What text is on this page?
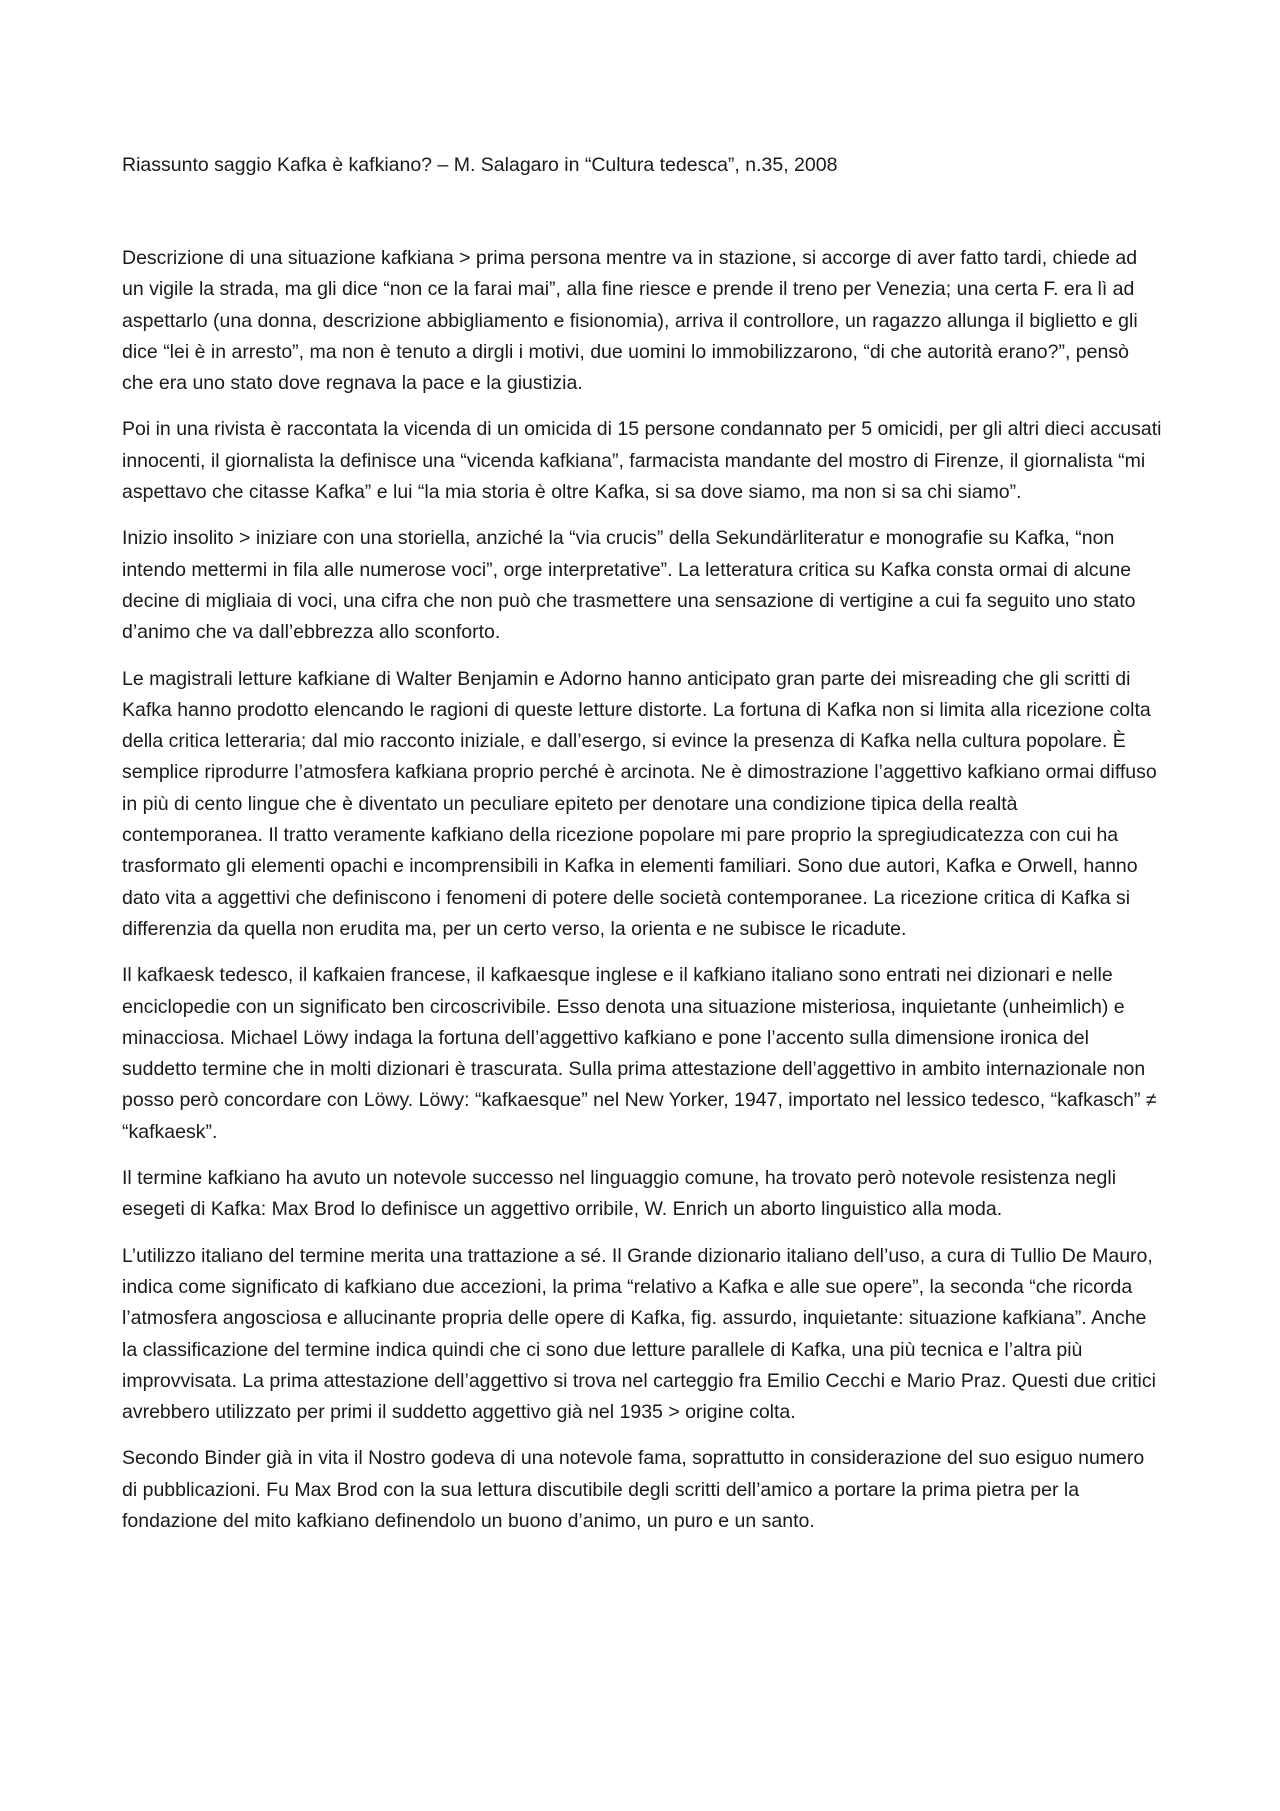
Riassunto saggio Kafka è kafkiano? – M. Salagaro in “Cultura tedesca”, n.35, 2008

Descrizione di una situazione kafkiana > prima persona mentre va in stazione, si accorge di aver fatto tardi, chiede ad un vigile la strada, ma gli dice “non ce la farai mai”, alla fine riesce e prende il treno per Venezia; una certa F. era lì ad aspettarlo (una donna, descrizione abbigliamento e fisionomia), arriva il controllore, un ragazzo allunga il biglietto e gli dice “lei è in arresto”, ma non è tenuto a dirgli i motivi, due uomini lo immobilizzarono, “di che autorità erano?”, pensò che era uno stato dove regnava la pace e la giustizia.

Poi in una rivista è raccontata la vicenda di un omicida di 15 persone condannato per 5 omicidi, per gli altri dieci accusati innocenti, il giornalista la definisce una “vicenda kafkiana”, farmacista mandante del mostro di Firenze, il giornalista “mi aspettavo che citasse Kafka” e lui “la mia storia è oltre Kafka, si sa dove siamo, ma non si sa chi siamo”.

Inizio insolito > iniziare con una storiella, anziché la “via crucis” della Sekundärliteratur e monografie su Kafka, “non intendo mettermi in fila alle numerose voci”, orge interpretative”. La letteratura critica su Kafka consta ormai di alcune decine di migliaia di voci, una cifra che non può che trasmettere una sensazione di vertigine a cui fa seguito uno stato d’animo che va dall’ebbrezza allo sconforto.

Le magistrali letture kafkiane di Walter Benjamin e Adorno hanno anticipato gran parte dei misreading che gli scritti di Kafka hanno prodotto elencando le ragioni di queste letture distorte. La fortuna di Kafka non si limita alla ricezione colta della critica letteraria; dal mio racconto iniziale, e dall’esergo, si evince la presenza di Kafka nella cultura popolare. È semplice riprodurre l’atmosfera kafkiana proprio perché è arcinota. Ne è dimostrazione l’aggettivo kafkiano ormai diffuso in più di cento lingue che è diventato un peculiare epiteto per denotare una condizione tipica della realtà contemporanea. Il tratto veramente kafkiano della ricezione popolare mi pare proprio la spregiudicatezza con cui ha trasformato gli elementi opachi e incomprensibili in Kafka in elementi familiari. Sono due autori, Kafka e Orwell, hanno dato vita a aggettivi che definiscono i fenomeni di potere delle società contemporanee. La ricezione critica di Kafka si differenzia da quella non erudita ma, per un certo verso, la orienta e ne subisce le ricadute.

Il kafkaesk tedesco, il kafkaien francese, il kafkaesque inglese e il kafkiano italiano sono entrati nei dizionari e nelle enciclopedie con un significato ben circoscrivibile. Esso denota una situazione misteriosa, inquietante (unheimlich) e minacciosa. Michael Löwy indaga la fortuna dell’aggettivo kafkiano e pone l’accento sulla dimensione ironica del suddetto termine che in molti dizionari è trascurata. Sulla prima attestazione dell’aggettivo in ambito internazionale non posso però concordare con Löwy. Löwy: “kafkaesque” nel New Yorker, 1947, importato nel lessico tedesco, “kafkasch” ≠ “kafkaesk”.

Il termine kafkiano ha avuto un notevole successo nel linguaggio comune, ha trovato però notevole resistenza negli esegeti di Kafka: Max Brod lo definisce un aggettivo orribile, W. Enrich un aborto linguistico alla moda.

L’utilizzo italiano del termine merita una trattazione a sé. Il Grande dizionario italiano dell’uso, a cura di Tullio De Mauro, indica come significato di kafkiano due accezioni, la prima “relativo a Kafka e alle sue opere”, la seconda “che ricorda l’atmosfera angosciosa e allucinante propria delle opere di Kafka, fig. assurdo, inquietante: situazione kafkiana”. Anche la classificazione del termine indica quindi che ci sono due letture parallele di Kafka, una più tecnica e l’altra più improvvisata. La prima attestazione dell’aggettivo si trova nel carteggio fra Emilio Cecchi e Mario Praz. Questi due critici avrebbero utilizzato per primi il suddetto aggettivo già nel 1935 > origine colta.

Secondo Binder già in vita il Nostro godeva di una notevole fama, soprattutto in considerazione del suo esiguo numero di pubblicazioni. Fu Max Brod con la sua lettura discutibile degli scritti dell’amico a portare la prima pietra per la fondazione del mito kafkiano definendolo un buono d’animo, un puro e un santo.
